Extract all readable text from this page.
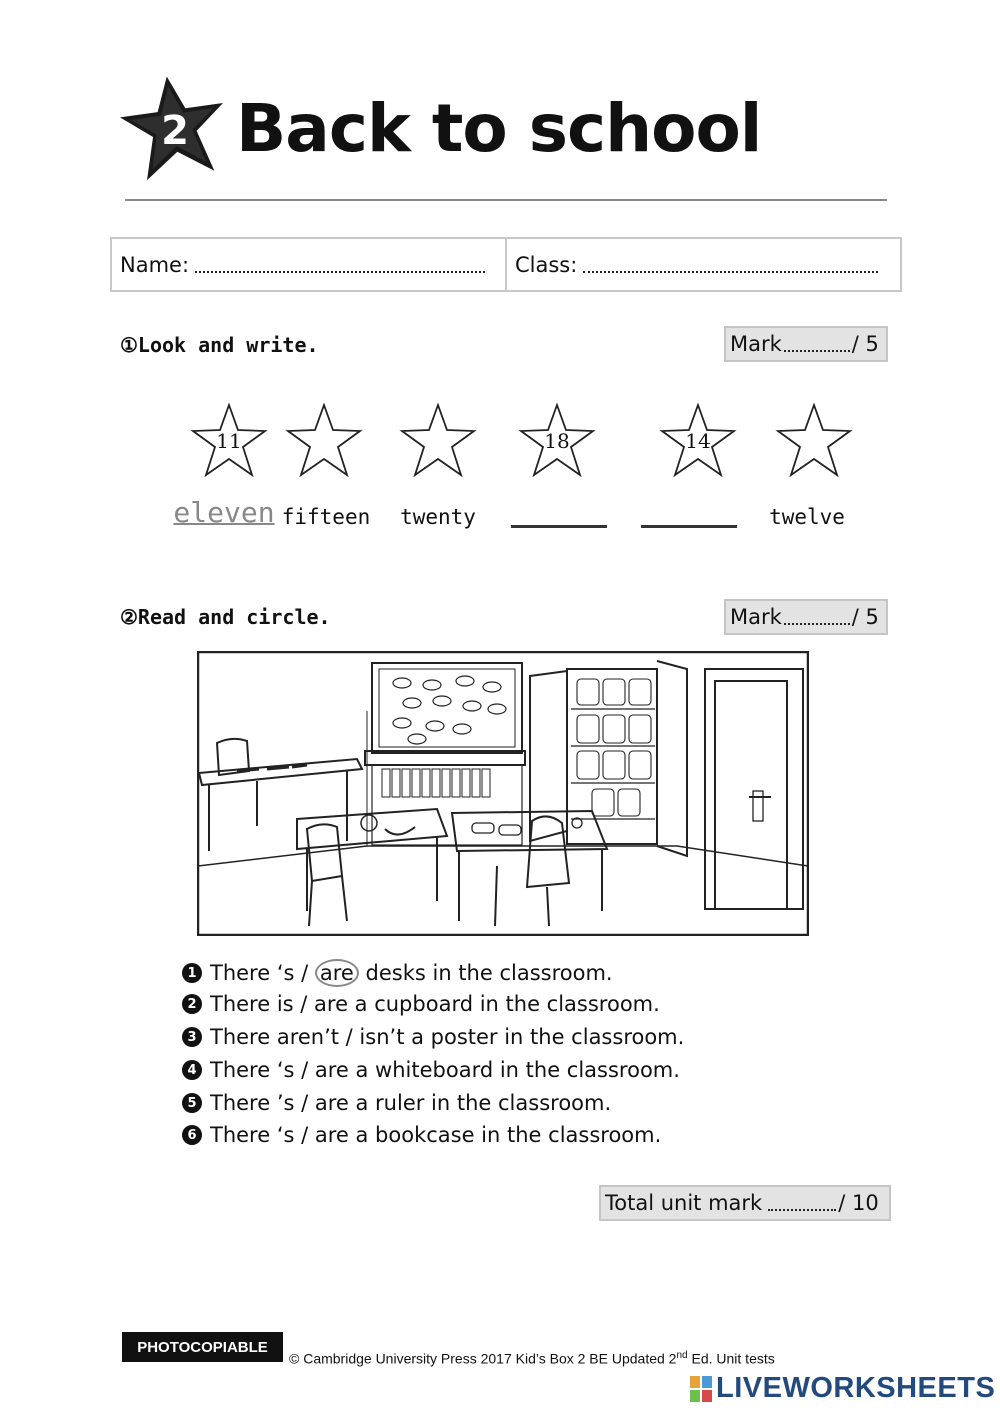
2 Back to school
Name:	Class:
①Look and write.	Mark	/ 5
11	18	14
eleven fifteen	twenty	twelve
②Read and circle.	Mark	/ 5
1 There ‘s / are desks in the classroom.
2 There is / are a cupboard in the classroom.
3 There aren’t / isn’t a poster in the classroom.
4 There ‘s / are a whiteboard in the classroom.
5 There ’s / are a ruler in the classroom.
6 There ‘s / are a bookcase in the classroom.
Total unit mark	/ 10
PHOTOCOPIABLE
© Cambridge University Press 2017 Kid’s Box 2 BE Updated 2nd Ed. Unit tests
LIVEWORKSHEETS
